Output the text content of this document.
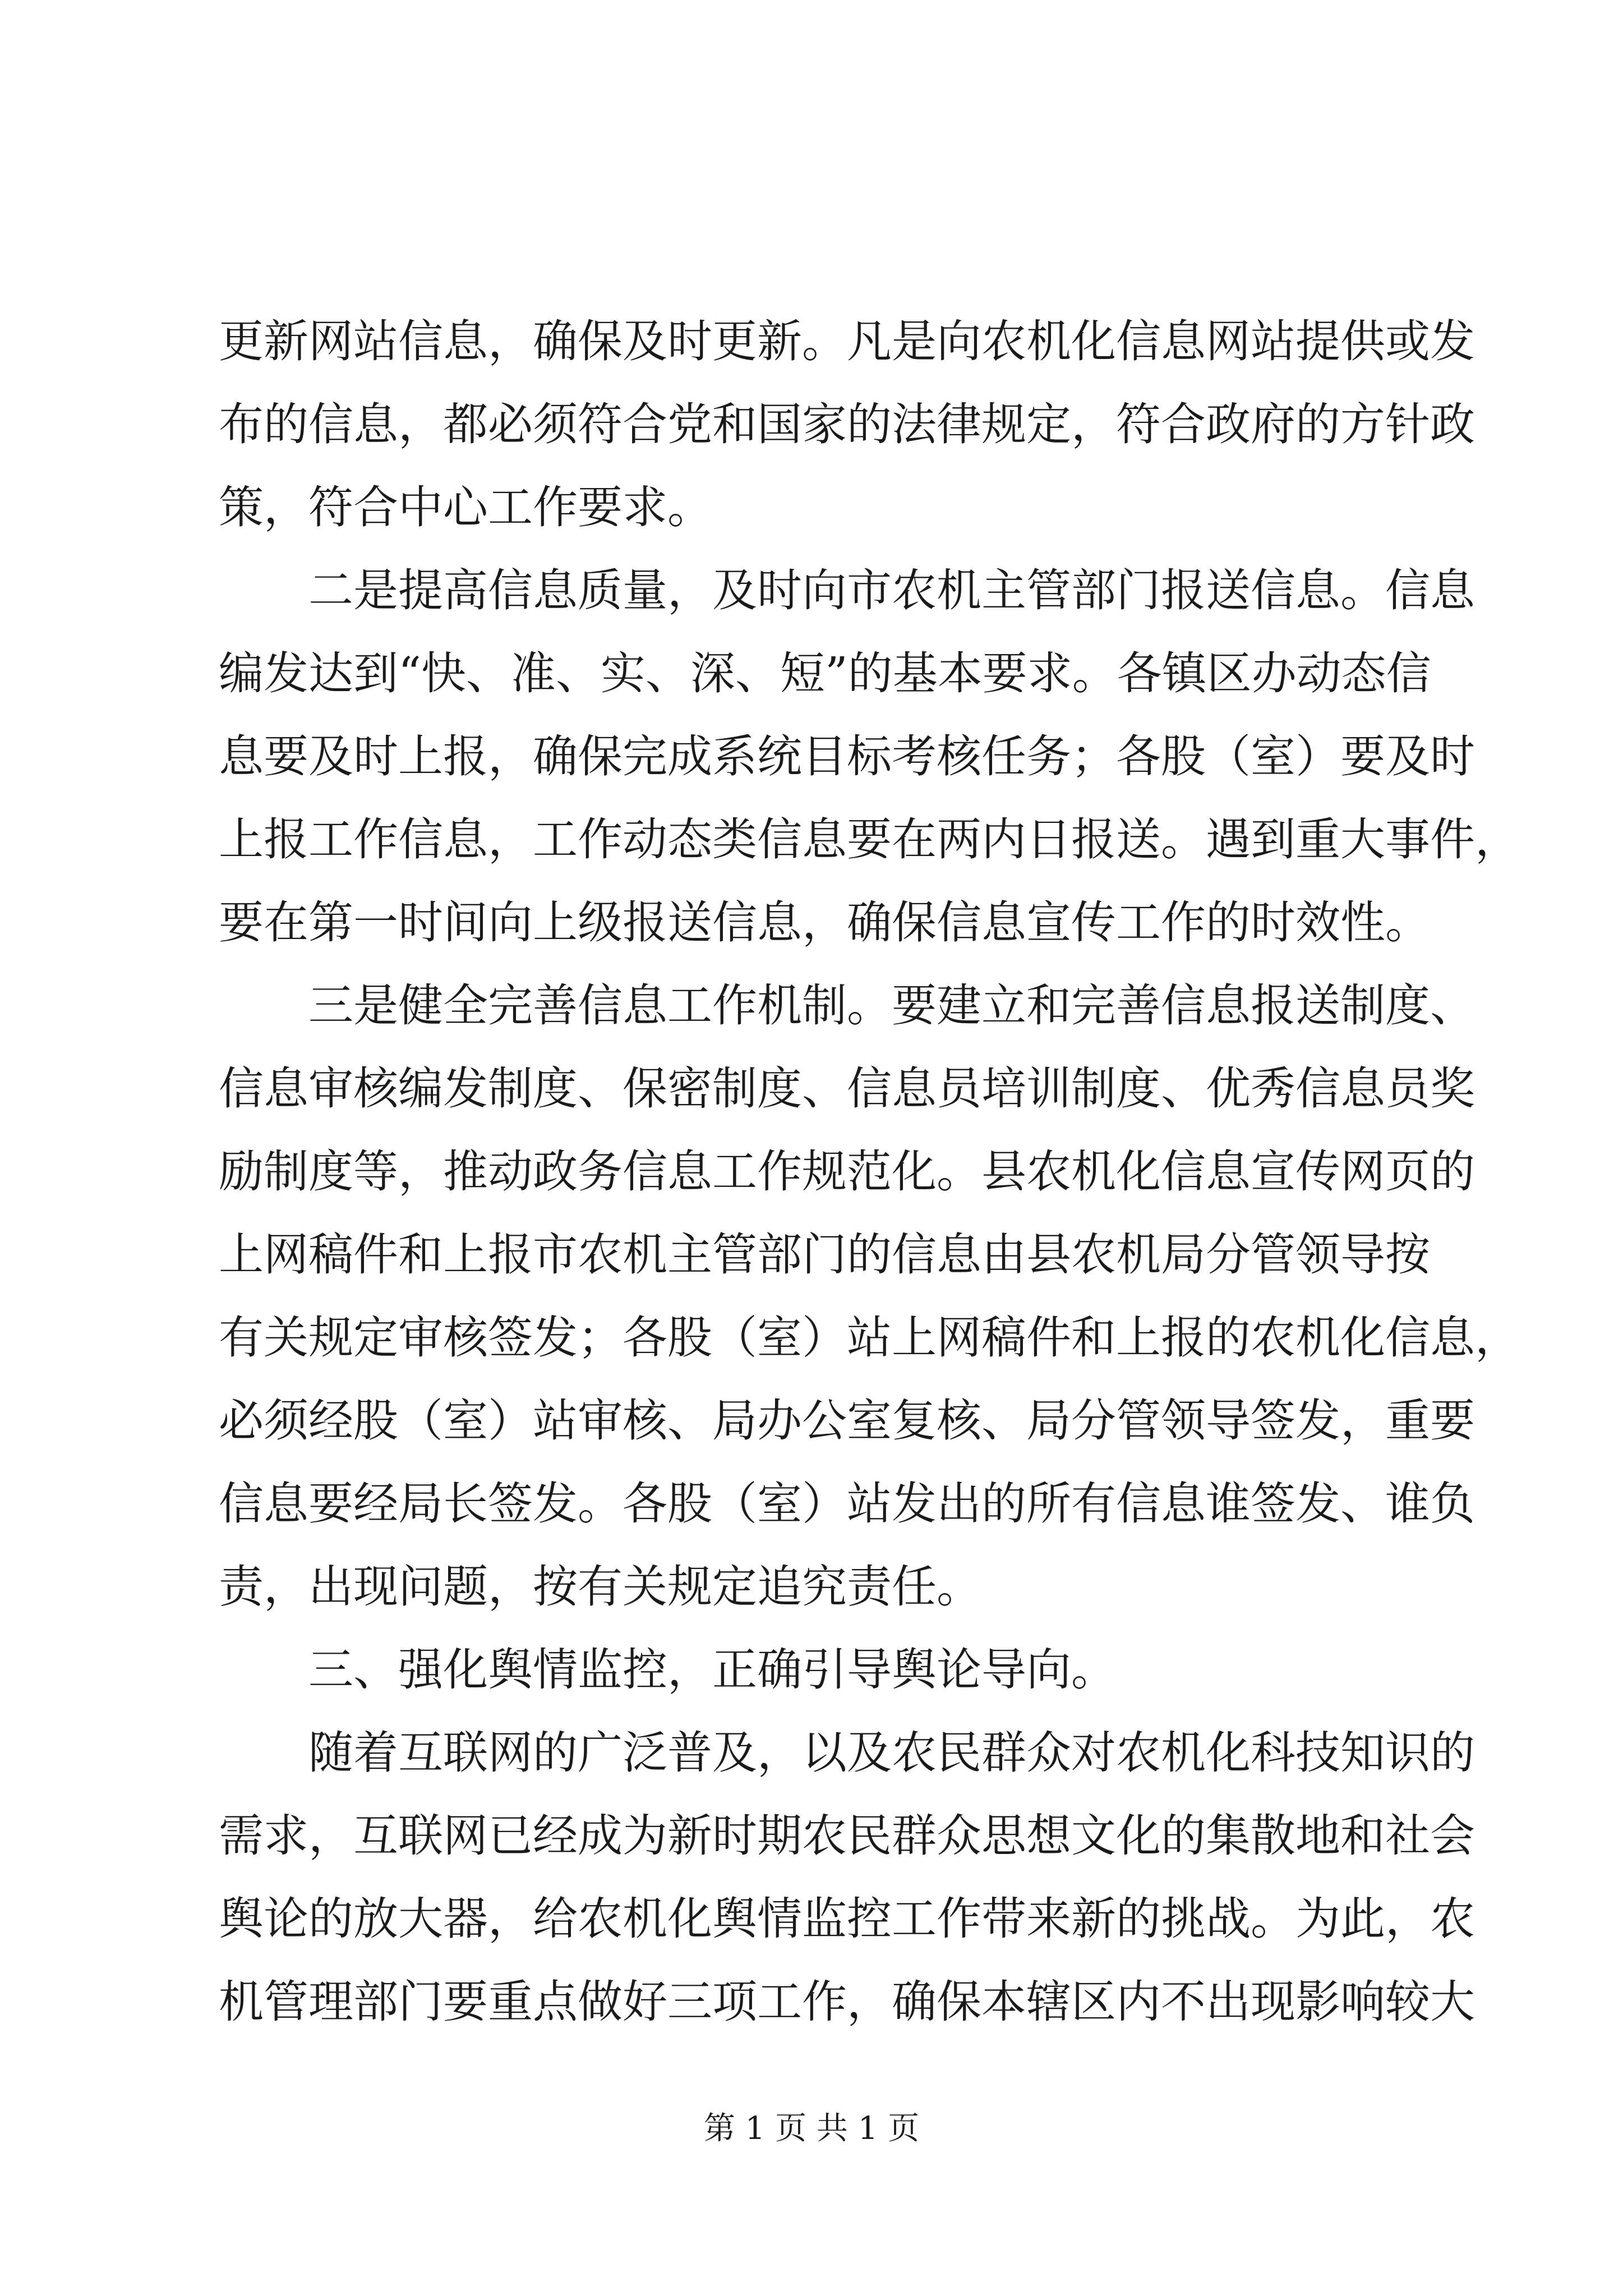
更新网站信息，确保及时更新。凡是向农机化信息网站提供或发
布的信息，都必须符合党和国家的法律规定，符合政府的方针政
策，符合中心工作要求。
二是提高信息质量，及时向市农机主管部门报送信息。信息
编发达到“快、准、实、深、短”的基本要求。各镇区办动态信
息要及时上报，确保完成系统目标考核任务；各股（室）要及时
上报工作信息，工作动态类信息要在两内日报送。遇到重大事件，
要在第一时间向上级报送信息，确保信息宣传工作的时效性。
三是健全完善信息工作机制。要建立和完善信息报送制度、
信息审核编发制度、保密制度、信息员培训制度、优秀信息员奖
励制度等，推动政务信息工作规范化。县农机化信息宣传网页的
上网稿件和上报市农机主管部门的信息由县农机局分管领导按
有关规定审核签发；各股（室）站上网稿件和上报的农机化信息，
必须经股（室）站审核、局办公室复核、局分管领导签发，重要
信息要经局长签发。各股（室）站发出的所有信息谁签发、谁负
责，出现问题，按有关规定追究责任。
三、强化舆情监控，正确引导舆论导向。
随着互联网的广泛普及，以及农民群众对农机化科技知识的
需求，互联网已经成为新时期农民群众思想文化的集散地和社会
舆论的放大器，给农机化舆情监控工作带来新的挑战。为此，农
机管理部门要重点做好三项工作，确保本辖区内不出现影响较大
第 1 页 共 1 页
